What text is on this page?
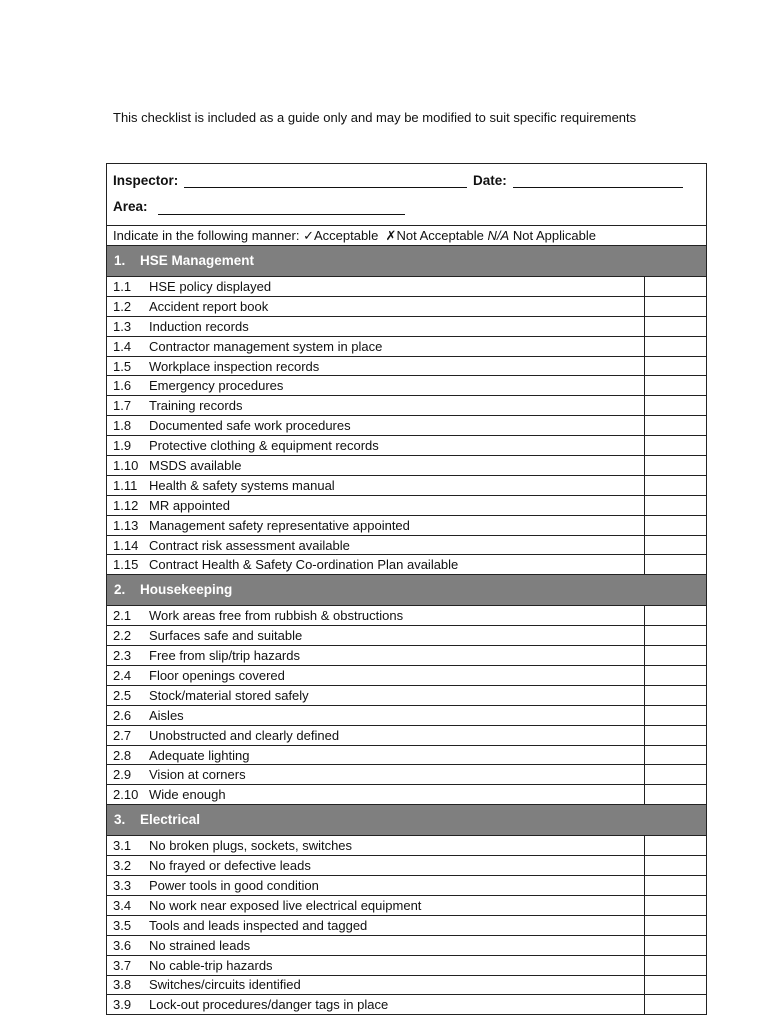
This checklist is included as a guide only and may be modified to suit specific requirements
Inspector:	Date:
Area:
Indicate in the following manner: ✓Acceptable ✗Not Acceptable N/A Not Applicable
1. HSE Management
1.1	HSE policy displayed
1.2	Accident report book
1.3	Induction records
1.4	Contractor management system in place
1.5	Workplace inspection records
1.6	Emergency procedures
1.7	Training records
1.8	Documented safe work procedures
1.9	Protective clothing & equipment records
1.10 MSDS available
1.11 Health & safety systems manual
1.12 MR appointed
1.13 Management safety representative appointed
1.14 Contract risk assessment available
1.15 Contract Health & Safety Co-ordination Plan available
2. Housekeeping
2.1	Work areas free from rubbish & obstructions
2.2	Surfaces safe and suitable
2.3	Free from slip/trip hazards
2.4	Floor openings covered
2.5	Stock/material stored safely
2.6	Aisles
2.7	Unobstructed and clearly defined
2.8	Adequate lighting
2.9	Vision at corners
2.10 Wide enough
3. Electrical
3.1	No broken plugs, sockets, switches
3.2	No frayed or defective leads
3.3	Power tools in good condition
3.4	No work near exposed live electrical equipment
3.5	Tools and leads inspected and tagged
3.6	No strained leads
3.7	No cable-trip hazards
3.8	Switches/circuits identified
3.9	Lock-out procedures/danger tags in place
